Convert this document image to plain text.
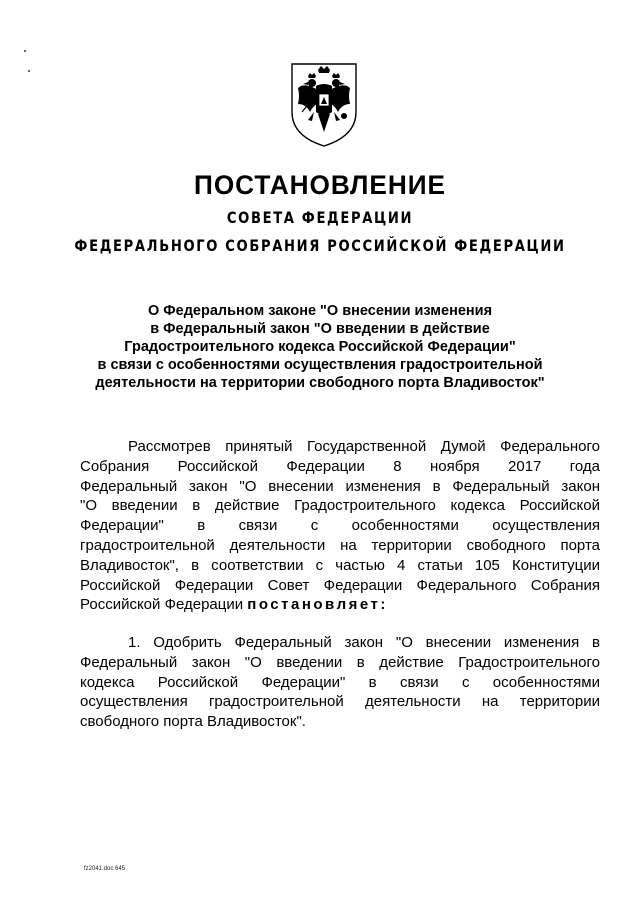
ПОСТАНОВЛЕНИЕ
СОВЕТА ФЕДЕРАЦИИ
ФЕДЕРАЛЬНОГО СОБРАНИЯ РОССИЙСКОЙ ФЕДЕРАЦИИ
О Федеральном законе "О внесении изменения
в Федеральный закон "О введении в действие
Градостроительного кодекса Российской Федерации"
в связи с особенностями осуществления градостроительной
деятельности на территории свободного порта Владивосток"
Рассмотрев принятый Государственной Думой Федерального
Собрания Российской Федерации 8 ноября 2017 года
Федеральный закон "О внесении изменения в Федеральный закон
"О введении в действие Градостроительного кодекса Российской
Федерации" в связи с особенностями осуществления
градостроительной деятельности на территории свободного порта
Владивосток", в соответствии с частью 4 статьи 105 Конституции
Российской Федерации Совет Федерации Федерального Собрания
Российской Федерации постановляет:
1. Одобрить Федеральный закон "О внесении изменения в
Федеральный закон "О введении в действие Градостроительного
кодекса Российской Федерации" в связи с особенностями
осуществления градостроительной деятельности на территории
свободного порта Владивосток".
fz2041.doc 645
